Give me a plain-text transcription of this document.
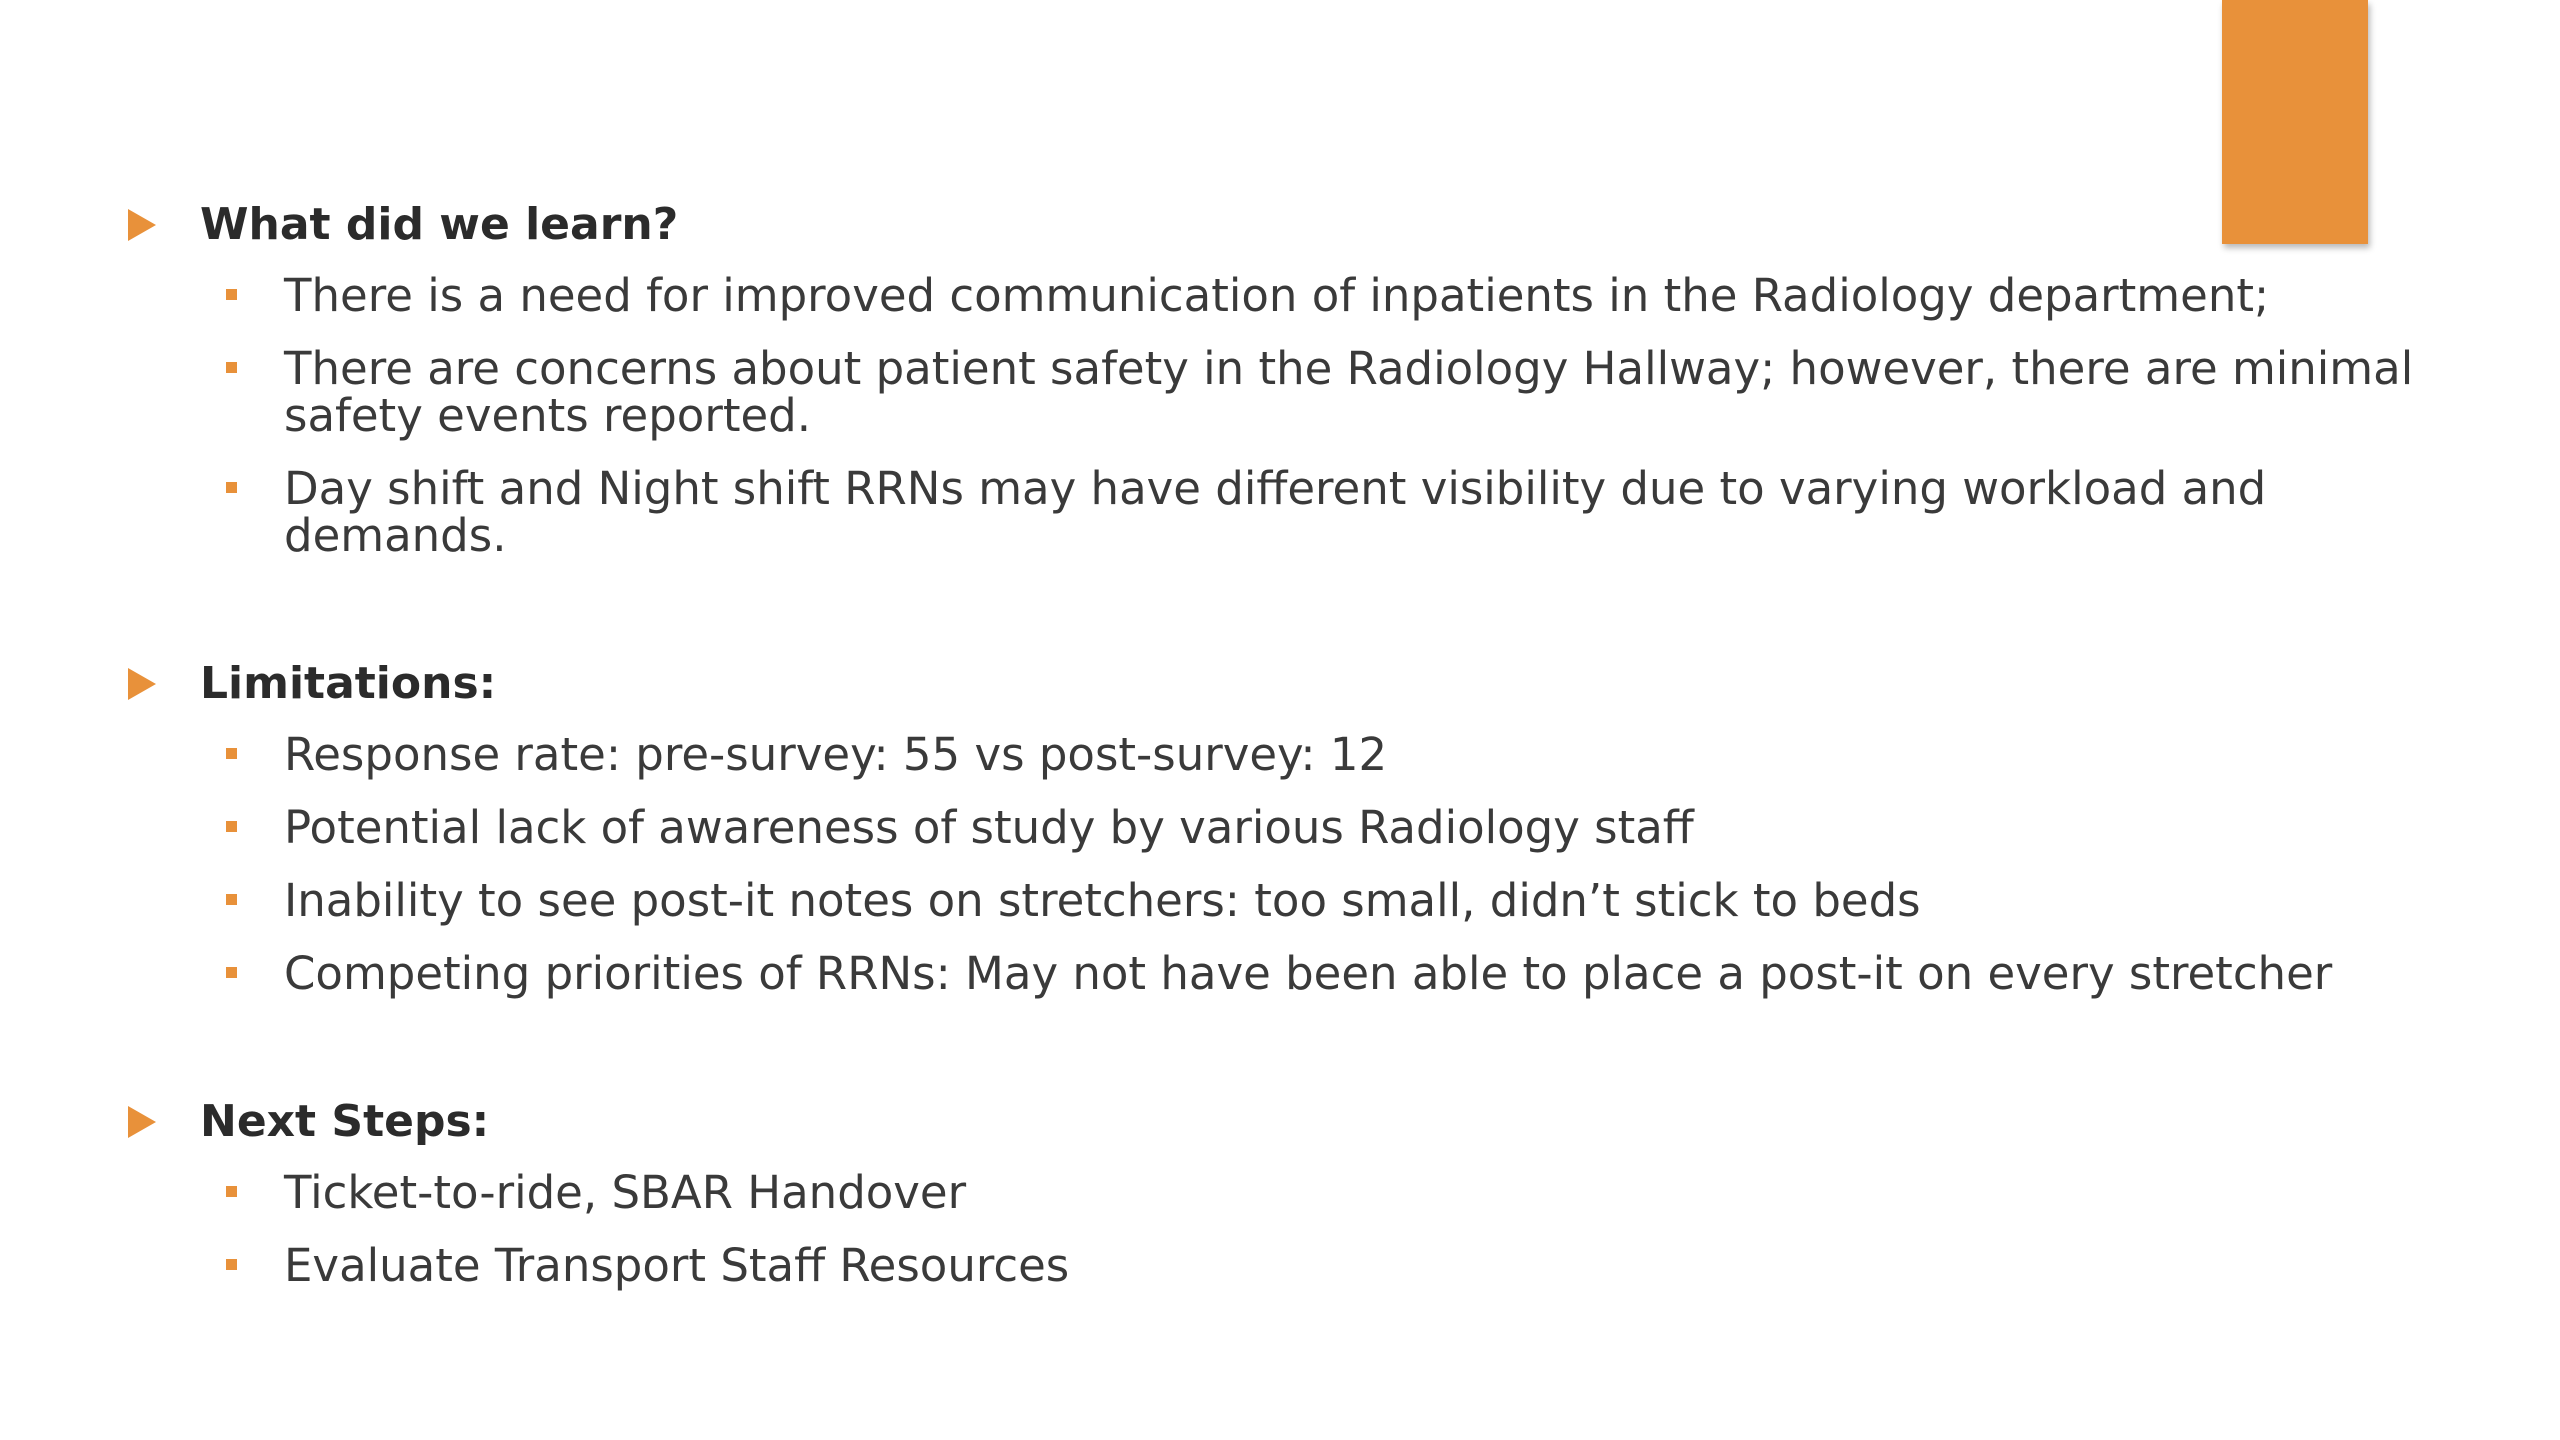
What did we learn?
There is a need for improved communication of inpatients in the Radiology department;
There are concerns about patient safety in the Radiology Hallway; however, there are minimal safety events reported.
Day shift and Night shift RRNs may have different visibility due to varying workload and demands.
Limitations:
Response rate: pre-survey: 55 vs post-survey: 12
Potential lack of awareness of study by various Radiology staff
Inability to see post-it notes on stretchers: too small, didn’t stick to beds
Competing priorities of RRNs: May not have been able to place a post-it on every stretcher
Next Steps:
Ticket-to-ride, SBAR Handover
Evaluate Transport Staff Resources
